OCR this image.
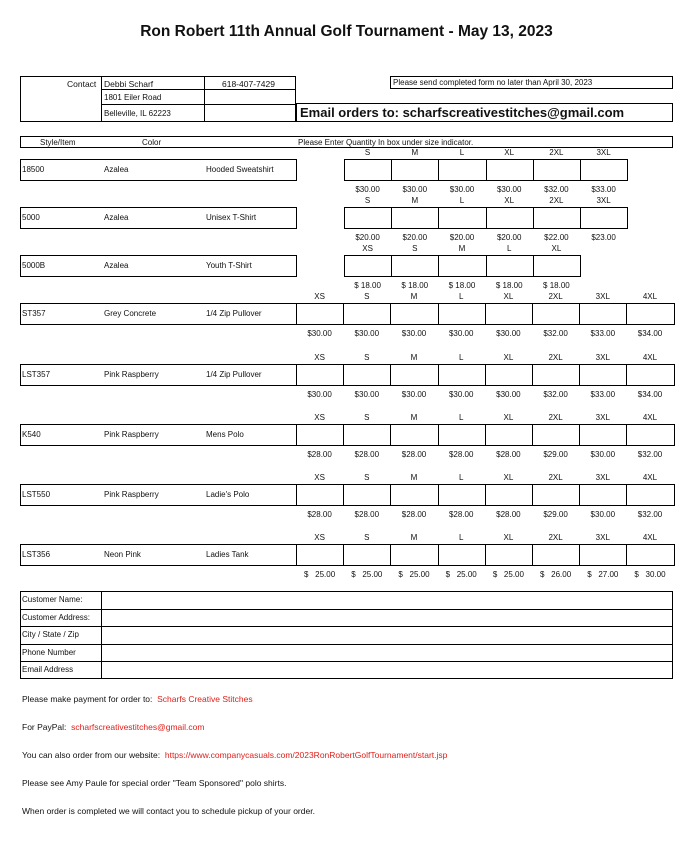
Ron Robert 11th Annual Golf Tournament - May 13, 2023
Contact Debbi Scharf	618-407-7429
1801 Eiler Road
Belleville, IL 62223
Please send completed form no later than April 30, 2023
Email orders to: scharfscreativestitches@gmail.com
Style/Item	Color	Please Enter Quantity In box under size indicator.
18500	Azalea	Hooded Sweatshirt
S
$30.00
M
$30.00
L
$30.00
XL
$30.00
2XL
$32.00
3XL
$33.00
5000	Azalea	Unisex T-Shirt
S
$20.00
M
$20.00
L
$20.00
XL
$20.00
2XL
$22.00
3XL
$23.00
5000B	Azalea	Youth T-Shirt
XS
$ 18.00
S
$ 18.00
M
$ 18.00
L
$ 18.00
XL
$ 18.00
ST357	Grey Concrete	1/4 Zip Pullover
XS
$30.00
S
$30.00
M
$30.00
L
$30.00
XL
$30.00
2XL
$32.00
3XL
$33.00
4XL
$34.00
LST357	Pink Raspberry	1/4 Zip Pullover
XS
$30.00
S
$30.00
M
$30.00
L
$30.00
XL
$30.00
2XL
$32.00
3XL
$33.00
4XL
$34.00
K540	Pink Raspberry	Mens Polo
XS
$28.00
S
$28.00
M
$28.00
L
$28.00
XL
$28.00
2XL
$29.00
3XL
$30.00
4XL
$32.00
LST550	Pink Raspberry	Ladie's Polo
XS
$28.00
S
$28.00
M
$28.00
L
$28.00
XL
$28.00
2XL
$29.00
3XL
$30.00
4XL
$32.00
LST356	Neon Pink	Ladies Tank
XS
$   25.00
S
$   25.00
M
$   25.00
L
$   25.00
XL
$   25.00
2XL
$   26.00
3XL
$   27.00
4XL
$   30.00
Customer Name:
Customer Address:
City / State / Zip
Phone Number
Email Address
Please make payment for order to: Scharfs Creative Stitches
For PayPal: scharfscreativestitches@gmail.com
You can also order from our website: https://www.companycasuals.com/2023RonRobertGolfTournament/start.jsp
Please see Amy Paule for special order "Team Sponsored" polo shirts.
When order is completed we will contact you to schedule pickup of your order.
